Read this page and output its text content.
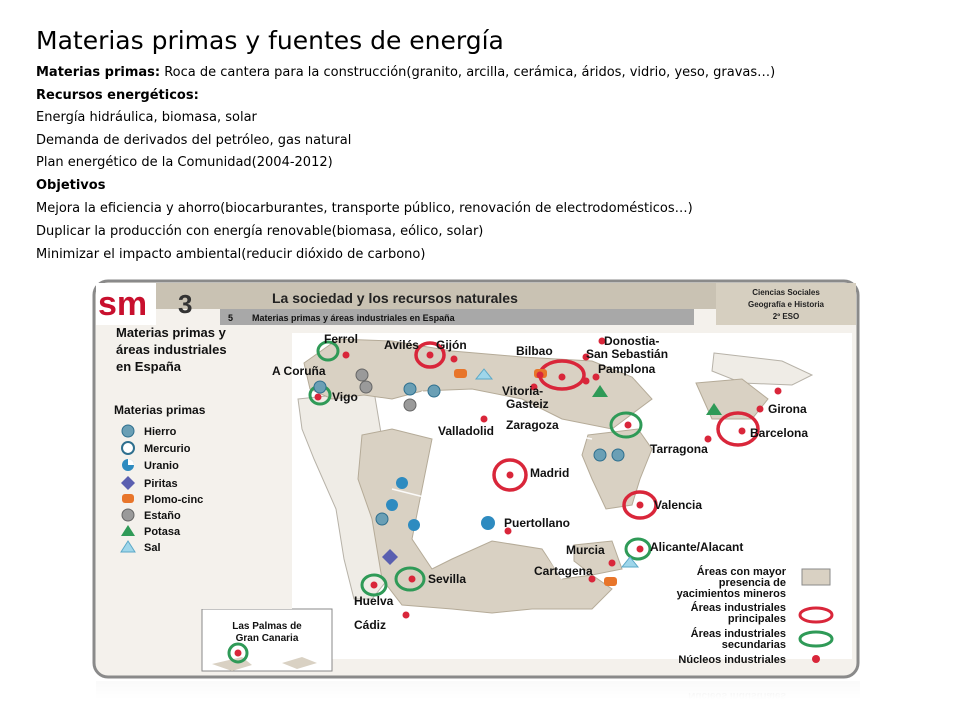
Materias primas y fuentes de energía
Materias primas: Roca de cantera para la construcción(granito, arcilla, cerámica, áridos, vidrio, yeso, gravas…)
Recursos energéticos:
Energía hidráulica, biomasa, solar
Demanda de derivados del petróleo, gas natural
Plan energético de la Comunidad(2004-2012)
Objetivos
Mejora la eficiencia y ahorro(biocarburantes, transporte público, renovación de electrodomésticos…)
Duplicar la producción con energía renovable(biomasa, eólico, solar)
Minimizar el impacto ambiental(reducir dióxido de carbono)
sm 3	La sociedad y los recursos naturales	Ciencias Sociales
Geografía e Historia
2º ESO
5 Materias primas y áreas industriales en España
Las Palmas de
Gran Canaria
Materias primas y
áreas industriales
en España
Materias primas
Hierro
Mercurio
Uranio
Piritas
Plomo-cinc
Estaño
Potasa
Sal
Ferrol Avilés Gijón
A Coruña
Vigo
Bilbao
Donostia-
San Sebastián
Pamplona
Vitoria-
Gasteiz	Girona
Barcelona
Zaragoza
Tarragona
Valladolid
Madrid
Valencia
Puertollano
Murcia	Alicante/Alacant
Cartagena
Sevilla
Huelva
Cádiz
Áreas con mayor
presencia de
yacimientos mineros
Áreas industriales
principales
Áreas industriales
secundarias
Núcleos industriales
